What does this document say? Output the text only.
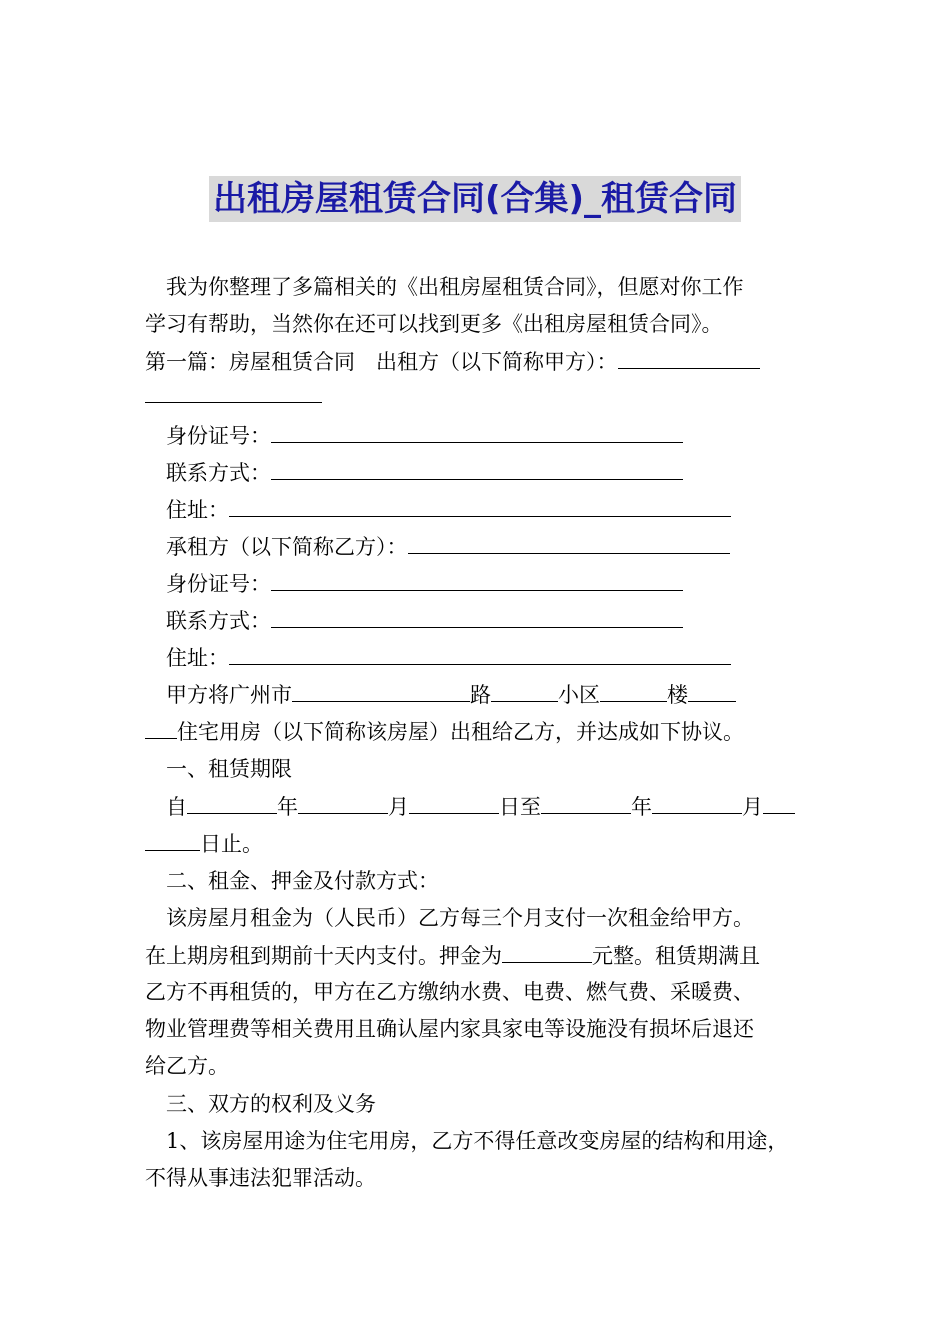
出租房屋租赁合同(合集)_租赁合同
我为你整理了多篇相关的《出租房屋租赁合同》，但愿对你工作
学习有帮助，当然你在还可以找到更多《出租房屋租赁合同》。
第一篇：房屋租赁合同　出租方（以下简称甲方）：
身份证号：
联系方式：
住址：
承租方（以下简称乙方）：
身份证号：
联系方式：
住址：
甲方将广州市	路	小区	楼
住宅用房（以下简称该房屋）出租给乙方，并达成如下协议。
一、租赁期限
自	年	月	日至	年	月
日止。
二、租金、押金及付款方式：
该房屋月租金为（人民币）乙方每三个月支付一次租金给甲方。
在上期房租到期前十天内支付。押金为	元整。租赁期满且
乙方不再租赁的，甲方在乙方缴纳水费、电费、燃气费、采暖费、
物业管理费等相关费用且确认屋内家具家电等设施没有损坏后退还
给乙方。
三、双方的权利及义务
1、该房屋用途为住宅用房，乙方不得任意改变房屋的结构和用途，
不得从事违法犯罪活动。
